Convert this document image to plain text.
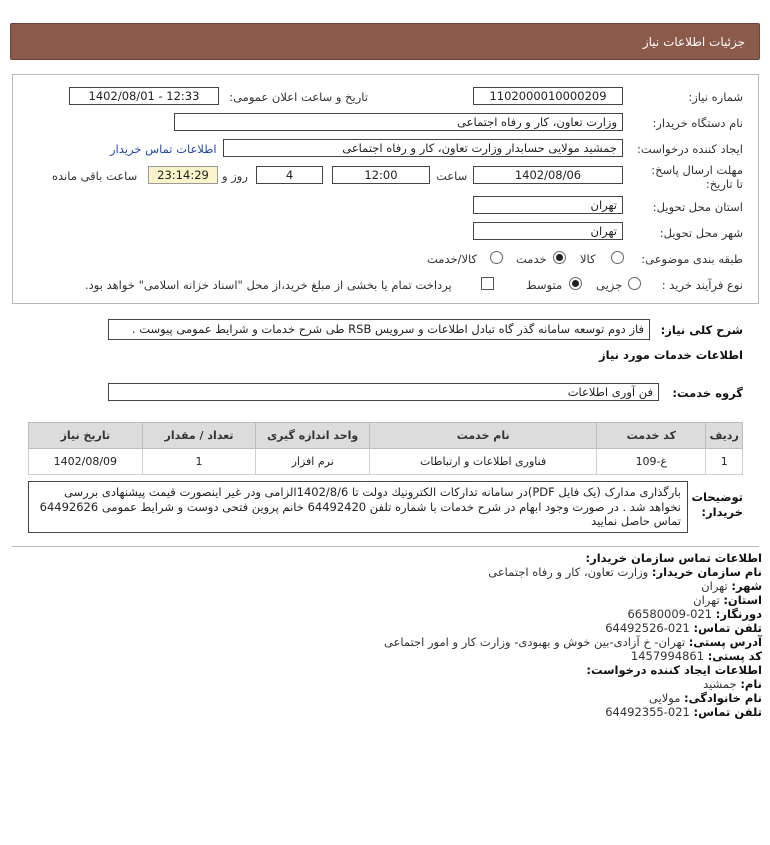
جزئیات اطلاعات نیاز
شماره نیاز:
1102000010000209
تاریخ و ساعت اعلان عمومی:
1402/08/01 - 12:33
نام دستگاه خریدار:
وزارت تعاون، کار و رفاه اجتماعی
ایجاد کننده درخواست:
جمشید مولایی حسابدار وزارت تعاون، کار و رفاه اجتماعی
اطلاعات تماس خریدار
مهلت ارسال پاسخ: تا تاریخ:
1402/08/06
ساعت
12:00
4
روز و
23:14:29
ساعت باقی مانده
استان محل تحویل:
تهران
شهر محل تحویل:
تهران
طبقه بندی موضوعی:
کالا
خدمت
کالا/خدمت
نوع فرآیند خرید :
جزیی
متوسط
پرداخت تمام یا بخشی از مبلغ خرید،از محل "اسناد خزانه اسلامی" خواهد بود.
شرح کلی نیاز:
فاز دوم توسعه سامانه گذر گاه تبادل اطلاعات و سرویس RSB طی شرح خدمات و شرایط عمومی پیوست .
اطلاعات خدمات مورد نیاز
گروه خدمت:
فن آوری اطلاعات
ردیف	کد خدمت	نام خدمت	واحد اندازه گیری	تعداد / مقدار	تاریخ نیاز
1	غ-109	فناوری اطلاعات و ارتباطات	نرم افزار	1	1402/08/09
توضیحات خریدار:
بارگذاری مدارک (یک فایل PDF)در سامانه تداركات الكترونيك دولت تا 1402/8/6الزامی ودر غیر اینصورت قیمت پیشنهادی بررسی نخواهد شد . در صورت وجود ابهام در شرح خدمات با شماره تلفن 64492420 خانم پروین فتحی دوست و شرایط عمومی 64492626 تماس حاصل نمایید
اطلاعات تماس سازمان خریدار:
نام سازمان خریدار: وزارت تعاون، کار و رفاه اجتماعی
شهر: تهران
استان: تهران
دورنگار: 021-66580009
تلفن تماس: 021-64492526
آدرس پستی: تهران- خ آزادی-بین خوش و بهبودی- وزارت کار و امور اجتماعی
کد پستی: 1457994861
اطلاعات ایجاد کننده درخواست:
نام: جمشید
نام خانوادگی: مولایی
تلفن تماس: 021-64492355
